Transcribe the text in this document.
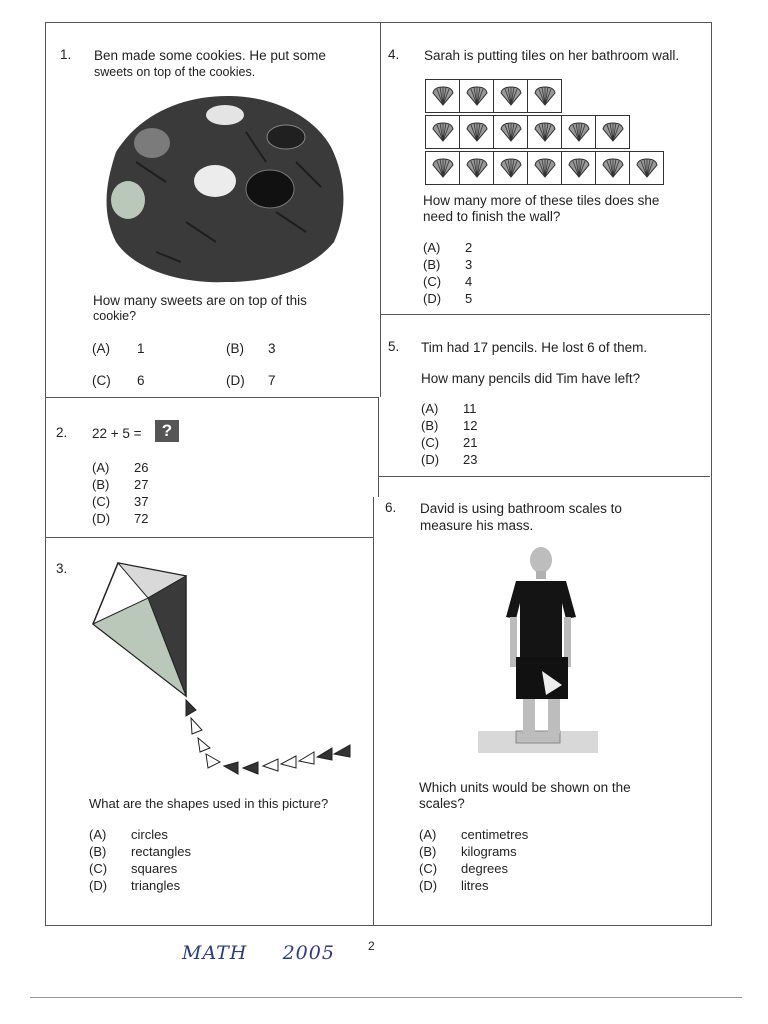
1. Ben made some cookies. He put some
sweets on top of the cookies.
How many sweets are on top of this
cookie?
(A) 1	(B) 3
(C) 6	(D) 7
2. 22 + 5 =	?
(A)	26
(B)	27
(C)	37
(D)	72
3.
What are the shapes used in this picture?
(A)	circles
(B)	rectangles
(C)	squares
(D)	triangles
4. Sarah is putting tiles on her bathroom wall.
How many more of these tiles does she
need to finish the wall?
(A)	2
(B)	3
(C)	4
(D)	5
5. Tim had 17 pencils. He lost 6 of them.
How many pencils did Tim have left?
(A)	11
(B)	12
(C)	21
(D)	23
6. David is using bathroom scales to
measure his mass.
Which units would be shown on the
scales?
(A)	centimetres
(B)	kilograms
(C)	degrees
(D)	litres
MATH     2005	2
